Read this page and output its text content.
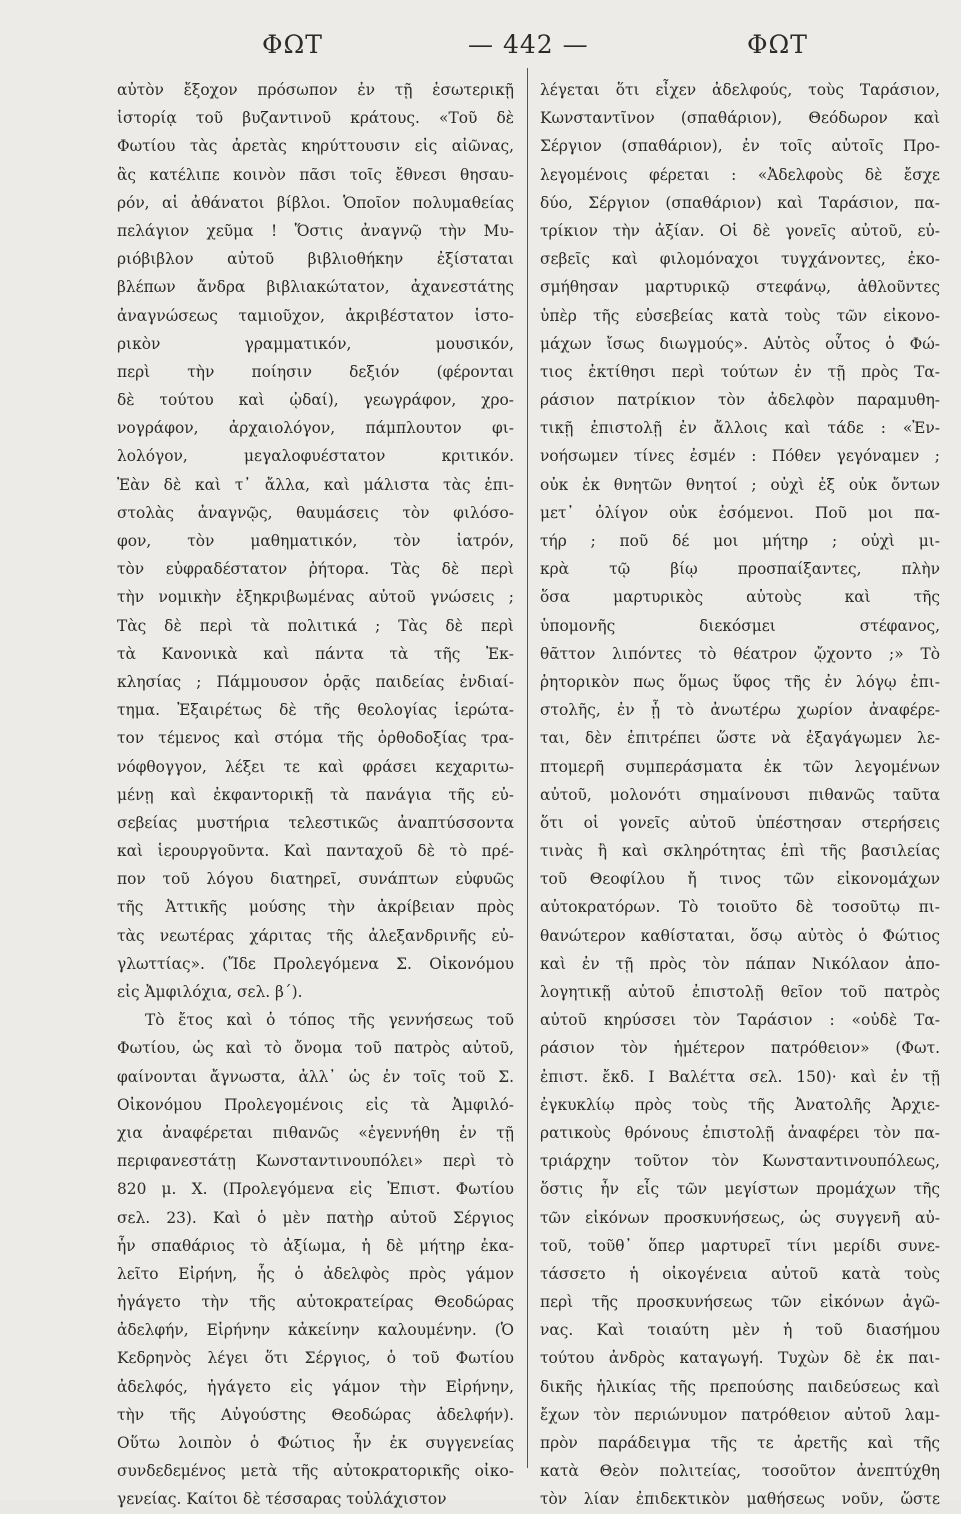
ΦΩΤ	— 442 —	ΦΩΤ
αὐτὸν ἔξοχον πρόσωπον ἐν τῇ ἐσωτερικῇ
ἱστορίᾳ τοῦ βυζαντινοῦ κράτους. «Τοῦ δὲ
Φωτίου τὰς ἀρετὰς κηρύττουσιν εἰς αἰῶνας,
ἃς κατέλιπε κοινὸν πᾶσι τοῖς ἔθνεσι θησαυ-
ρόν, αἱ ἀθάνατοι βίβλοι. Ὁποῖον πολυμαθείας
πελάγιον χεῦμα ! Ὅστις ἀναγνῷ τὴν Μυ-
ριόβιβλον αὐτοῦ βιβλιοθήκην ἐξίσταται
βλέπων ἄνδρα βιβλιακώτατον, ἀχανεστάτης
ἀναγνώσεως ταμιοῦχον, ἀκριβέστατον ἱστο-
ρικὸν γραμματικόν, μουσικόν,
περὶ τὴν ποίησιν δεξιόν (φέρονται
δὲ τούτου καὶ ᾠδαί), γεωγράφον, χρο-
νογράφον, ἀρχαιολόγον, πάμπλουτον φι-
λολόγον, μεγαλοφυέστατον κριτικόν.
Ἐὰν δὲ καὶ τ᾽ ἄλλα, καὶ μάλιστα τὰς ἐπι-
στολὰς ἀναγνῷς, θαυμάσεις τὸν φιλόσο-
φον, τὸν μαθηματικόν, τὸν ἰατρόν,
τὸν εὐφραδέστατον ῥήτορα. Τὰς δὲ περὶ
τὴν νομικὴν ἐξηκριβωμένας αὐτοῦ γνώσεις ;
Τὰς δὲ περὶ τὰ πολιτικά ; Τὰς δὲ περὶ
τὰ Κανονικὰ καὶ πάντα τὰ τῆς Ἐκ-
κλησίας ; Πάμμουσον ὁρᾷς παιδείας ἐνδιαί-
τημα. Ἐξαιρέτως δὲ τῆς θεολογίας ἱερώτα-
τον τέμενος καὶ στόμα τῆς ὀρθοδοξίας τρα-
νόφθογγον, λέξει τε καὶ φράσει κεχαριτω-
μένῃ καὶ ἐκφαντορικῇ τὰ πανάγια τῆς εὐ-
σεβείας μυστήρια τελεστικῶς ἀναπτύσσοντα
καὶ ἱερουργοῦντα. Καὶ πανταχοῦ δὲ τὸ πρέ-
πον τοῦ λόγου διατηρεῖ, συνάπτων εὐφυῶς
τῆς Ἀττικῆς μούσης τὴν ἀκρίβειαν πρὸς
τὰς νεωτέρας χάριτας τῆς ἀλεξανδρινῆς εὐ-
γλωττίας». (Ἴδε Προλεγόμενα Σ. Οἰκονόμου
εἰς Ἀμφιλόχια, σελ. β΄).
Τὸ ἔτος καὶ ὁ τόπος τῆς γεννήσεως τοῦ
Φωτίου, ὡς καὶ τὸ ὄνομα τοῦ πατρὸς αὐτοῦ,
φαίνονται ἄγνωστα, ἀλλ᾽ ὡς ἐν τοῖς τοῦ Σ.
Οἰκονόμου Προλεγομένοις εἰς τὰ Ἀμφιλό-
χια ἀναφέρεται πιθανῶς «ἐγεννήθη ἐν τῇ
περιφανεστάτῃ Κωνσταντινουπόλει» περὶ τὸ
820 μ. Χ. (Προλεγόμενα εἰς Ἐπιστ. Φωτίου
σελ. 23). Καὶ ὁ μὲν πατὴρ αὐτοῦ Σέργιος
ἦν σπαθάριος τὸ ἀξίωμα, ἡ δὲ μήτηρ ἐκα-
λεῖτο Εἰρήνη, ἧς ὁ ἀδελφὸς πρὸς γάμον
ἠγάγετο τὴν τῆς αὐτοκρατείρας Θεοδώρας
ἀδελφήν, Εἰρήνην κἀκείνην καλουμένην. (Ὁ
Κεδρηνὸς λέγει ὅτι Σέργιος, ὁ τοῦ Φωτίου
ἀδελφός, ἠγάγετο εἰς γάμον τὴν Εἰρήνην,
τὴν τῆς Αὐγούστης Θεοδώρας ἀδελφήν).
Οὕτω λοιπὸν ὁ Φώτιος ἦν ἐκ συγγενείας
συνδεδεμένος μετὰ τῆς αὐτοκρατορικῆς οἰκο-
γενείας. Καίτοι δὲ τέσσαρας τοὐλάχιστον
λέγεται ὅτι εἶχεν ἀδελφούς, τοὺς Ταράσιον,
Κωνσταντῖνον (σπαθάριον), Θεόδωρον καὶ
Σέργιον (σπαθάριον), ἐν τοῖς αὐτοῖς Προ-
λεγομένοις φέρεται : «Ἀδελφοὺς δὲ ἔσχε
δύο, Σέργιον (σπαθάριον) καὶ Ταράσιον, πα-
τρίκιον τὴν ἀξίαν. Οἱ δὲ γονεῖς αὐτοῦ, εὐ-
σεβεῖς καὶ φιλομόναχοι τυγχάνοντες, ἐκο-
σμήθησαν μαρτυρικῷ στεφάνῳ, ἀθλοῦντες
ὑπὲρ τῆς εὐσεβείας κατὰ τοὺς τῶν εἰκονο-
μάχων ἴσως διωγμούς». Αὐτὸς οὗτος ὁ Φώ-
τιος ἐκτίθησι περὶ τούτων ἐν τῇ πρὸς Τα-
ράσιον πατρίκιον τὸν ἀδελφὸν παραμυθη-
τικῇ ἐπιστολῇ ἐν ἄλλοις καὶ τάδε : «Ἐν-
νοήσωμεν τίνες ἐσμέν : Πόθεν γεγόναμεν ;
οὐκ ἐκ θνητῶν θνητοί ; οὐχὶ ἐξ οὐκ ὄντων
μετ᾽ ὀλίγον οὐκ ἐσόμενοι. Ποῦ μοι πα-
τήρ ; ποῦ δέ μοι μήτηρ ; οὐχὶ μι-
κρὰ τῷ βίῳ προσπαίξαντες, πλὴν
ὅσα μαρτυρικὸς αὐτοὺς καὶ τῆς
ὑπομονῆς διεκόσμει στέφανος,
θᾶττον λιπόντες τὸ θέατρον ᾤχοντο ;» Τὸ
ῥητορικὸν πως ὅμως ὕφος τῆς ἐν λόγῳ ἐπι-
στολῆς, ἐν ᾗ τὸ ἀνωτέρω χωρίον ἀναφέρε-
ται, δὲν ἐπιτρέπει ὥστε νὰ ἐξαγάγωμεν λε-
πτομερῆ συμπεράσματα ἐκ τῶν λεγομένων
αὐτοῦ, μολονότι σημαίνουσι πιθανῶς ταῦτα
ὅτι οἱ γονεῖς αὐτοῦ ὑπέστησαν στερήσεις
τινὰς ἢ καὶ σκληρότητας ἐπὶ τῆς βασιλείας
τοῦ Θεοφίλου ἤ τινος τῶν εἰκονομάχων
αὐτοκρατόρων. Τὸ τοιοῦτο δὲ τοσοῦτῳ πι-
θανώτερον καθίσταται, ὅσῳ αὐτὸς ὁ Φώτιος
καὶ ἐν τῇ πρὸς τὸν πάπαν Νικόλαον ἀπο-
λογητικῇ αὐτοῦ ἐπιστολῇ θεῖον τοῦ πατρὸς
αὐτοῦ κηρύσσει τὸν Ταράσιον : «οὐδὲ Τα-
ράσιον τὸν ἡμέτερον πατρόθειον» (Φωτ.
ἐπιστ. ἔκδ. Ι Βαλέττα σελ. 150)· καὶ ἐν τῇ
ἐγκυκλίῳ πρὸς τοὺς τῆς Ἀνατολῆς Ἀρχιε-
ρατικοὺς θρόνους ἐπιστολῇ ἀναφέρει τὸν πα-
τριάρχην τοῦτον τὸν Κωνσταντινουπόλεως,
ὅστις ἦν εἷς τῶν μεγίστων προμάχων τῆς
τῶν εἰκόνων προσκυνήσεως, ὡς συγγενῆ αὐ-
τοῦ, τοῦθ᾽ ὅπερ μαρτυρεῖ τίνι μερίδι συνε-
τάσσετο ἡ οἰκογένεια αὐτοῦ κατὰ τοὺς
περὶ τῆς προσκυνήσεως τῶν εἰκόνων ἀγῶ-
νας. Καὶ τοιαύτη μὲν ἡ τοῦ διασήμου
τούτου ἀνδρὸς καταγωγή. Τυχὼν δὲ ἐκ παι-
δικῆς ἡλικίας τῆς πρεπούσης παιδεύσεως καὶ
ἔχων τὸν περιώνυμον πατρόθειον αὐτοῦ λαμ-
πρὸν παράδειγμα τῆς τε ἀρετῆς καὶ τῆς
κατὰ Θεὸν πολιτείας, τοσοῦτον ἀνεπτύχθη
τὸν λίαν ἐπιδεκτικὸν μαθήσεως νοῦν, ὥστε
